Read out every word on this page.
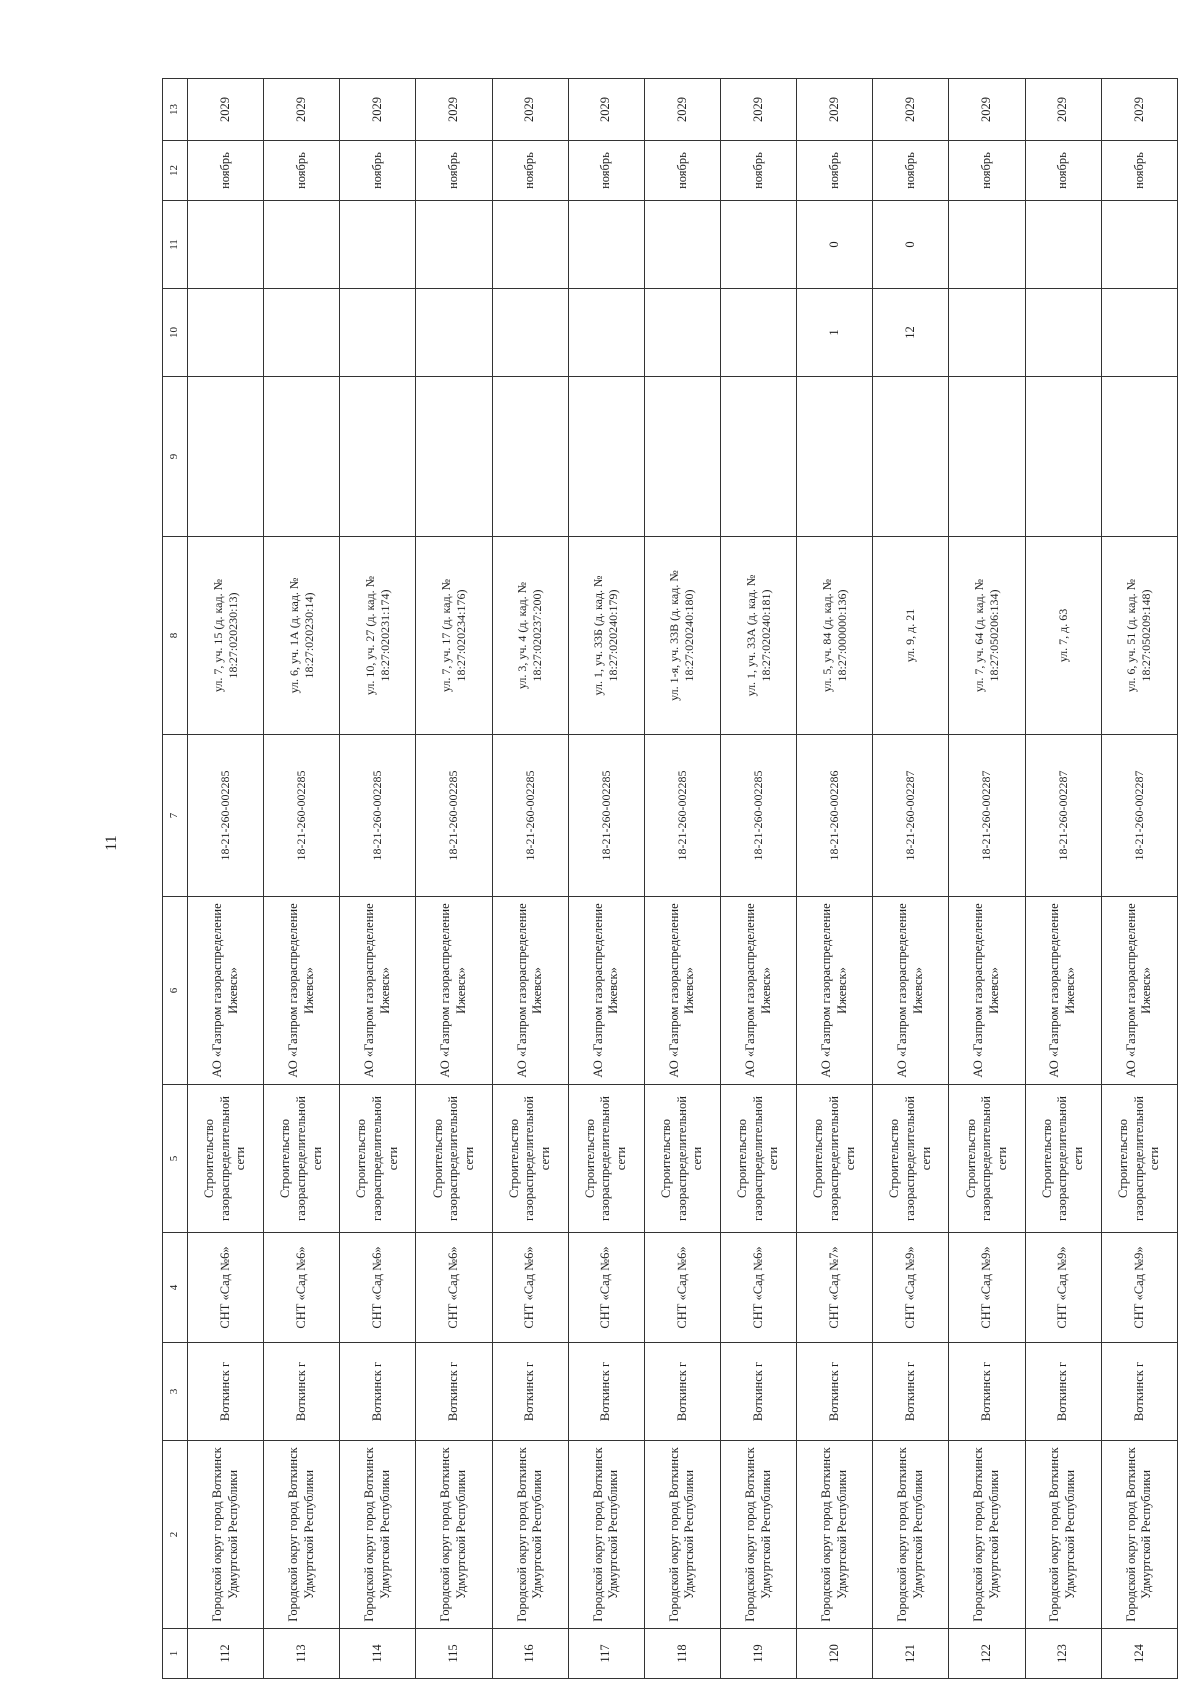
11
1	2	3	4	5	6	7	8	9	10	11	12	13
112	Городской округ город Воткинск Удмуртской Республики	Воткинск г	СНТ «Сад №6»	Строительство газораспределительной сети	АО «Газпром газораспределение Ижевск»	18-21-260-002285	ул. 7, уч. 15 (д. кад. № 18:27:020230:13)				ноябрь	2029
113	Городской округ город Воткинск Удмуртской Республики	Воткинск г	СНТ «Сад №6»	Строительство газораспределительной сети	АО «Газпром газораспределение Ижевск»	18-21-260-002285	ул. 6, уч. 1А (д. кад. № 18:27:020230:14)				ноябрь	2029
114	Городской округ город Воткинск Удмуртской Республики	Воткинск г	СНТ «Сад №6»	Строительство газораспределительной сети	АО «Газпром газораспределение Ижевск»	18-21-260-002285	ул. 10, уч. 27 (д. кад. № 18:27:020231:174)				ноябрь	2029
115	Городской округ город Воткинск Удмуртской Республики	Воткинск г	СНТ «Сад №6»	Строительство газораспределительной сети	АО «Газпром газораспределение Ижевск»	18-21-260-002285	ул. 7, уч. 17 (д. кад. № 18:27:020234:176)				ноябрь	2029
116	Городской округ город Воткинск Удмуртской Республики	Воткинск г	СНТ «Сад №6»	Строительство газораспределительной сети	АО «Газпром газораспределение Ижевск»	18-21-260-002285	ул. 3, уч. 4 (д. кад. № 18:27:020237:200)				ноябрь	2029
117	Городской округ город Воткинск Удмуртской Республики	Воткинск г	СНТ «Сад №6»	Строительство газораспределительной сети	АО «Газпром газораспределение Ижевск»	18-21-260-002285	ул. 1, уч. 33Б (д. кад. № 18:27:020240:179)				ноябрь	2029
118	Городской округ город Воткинск Удмуртской Республики	Воткинск г	СНТ «Сад №6»	Строительство газораспределительной сети	АО «Газпром газораспределение Ижевск»	18-21-260-002285	ул. 1-я, уч. 33В (д. кад. № 18:27:020240:180)				ноябрь	2029
119	Городской округ город Воткинск Удмуртской Республики	Воткинск г	СНТ «Сад №6»	Строительство газораспределительной сети	АО «Газпром газораспределение Ижевск»	18-21-260-002285	ул. 1, уч. 33А (д. кад. № 18:27:020240:181)				ноябрь	2029
120	Городской округ город Воткинск Удмуртской Республики	Воткинск г	СНТ «Сад №7»	Строительство газораспределительной сети	АО «Газпром газораспределение Ижевск»	18-21-260-002286	ул. 5, уч. 84 (д. кад. № 18:27:000000:136)		1	0	ноябрь	2029
121	Городской округ город Воткинск Удмуртской Республики	Воткинск г	СНТ «Сад №9»	Строительство газораспределительной сети	АО «Газпром газораспределение Ижевск»	18-21-260-002287	ул. 9, д. 21		12	0	ноябрь	2029
122	Городской округ город Воткинск Удмуртской Республики	Воткинск г	СНТ «Сад №9»	Строительство газораспределительной сети	АО «Газпром газораспределение Ижевск»	18-21-260-002287	ул. 7, уч. 64 (д. кад. № 18:27:050206:134)				ноябрь	2029
123	Городской округ город Воткинск Удмуртской Республики	Воткинск г	СНТ «Сад №9»	Строительство газораспределительной сети	АО «Газпром газораспределение Ижевск»	18-21-260-002287	ул. 7, д. 63				ноябрь	2029
124	Городской округ город Воткинск Удмуртской Республики	Воткинск г	СНТ «Сад №9»	Строительство газораспределительной сети	АО «Газпром газораспределение Ижевск»	18-21-260-002287	ул. 6, уч. 51 (д. кад. № 18:27:050209:148)				ноябрь	2029
